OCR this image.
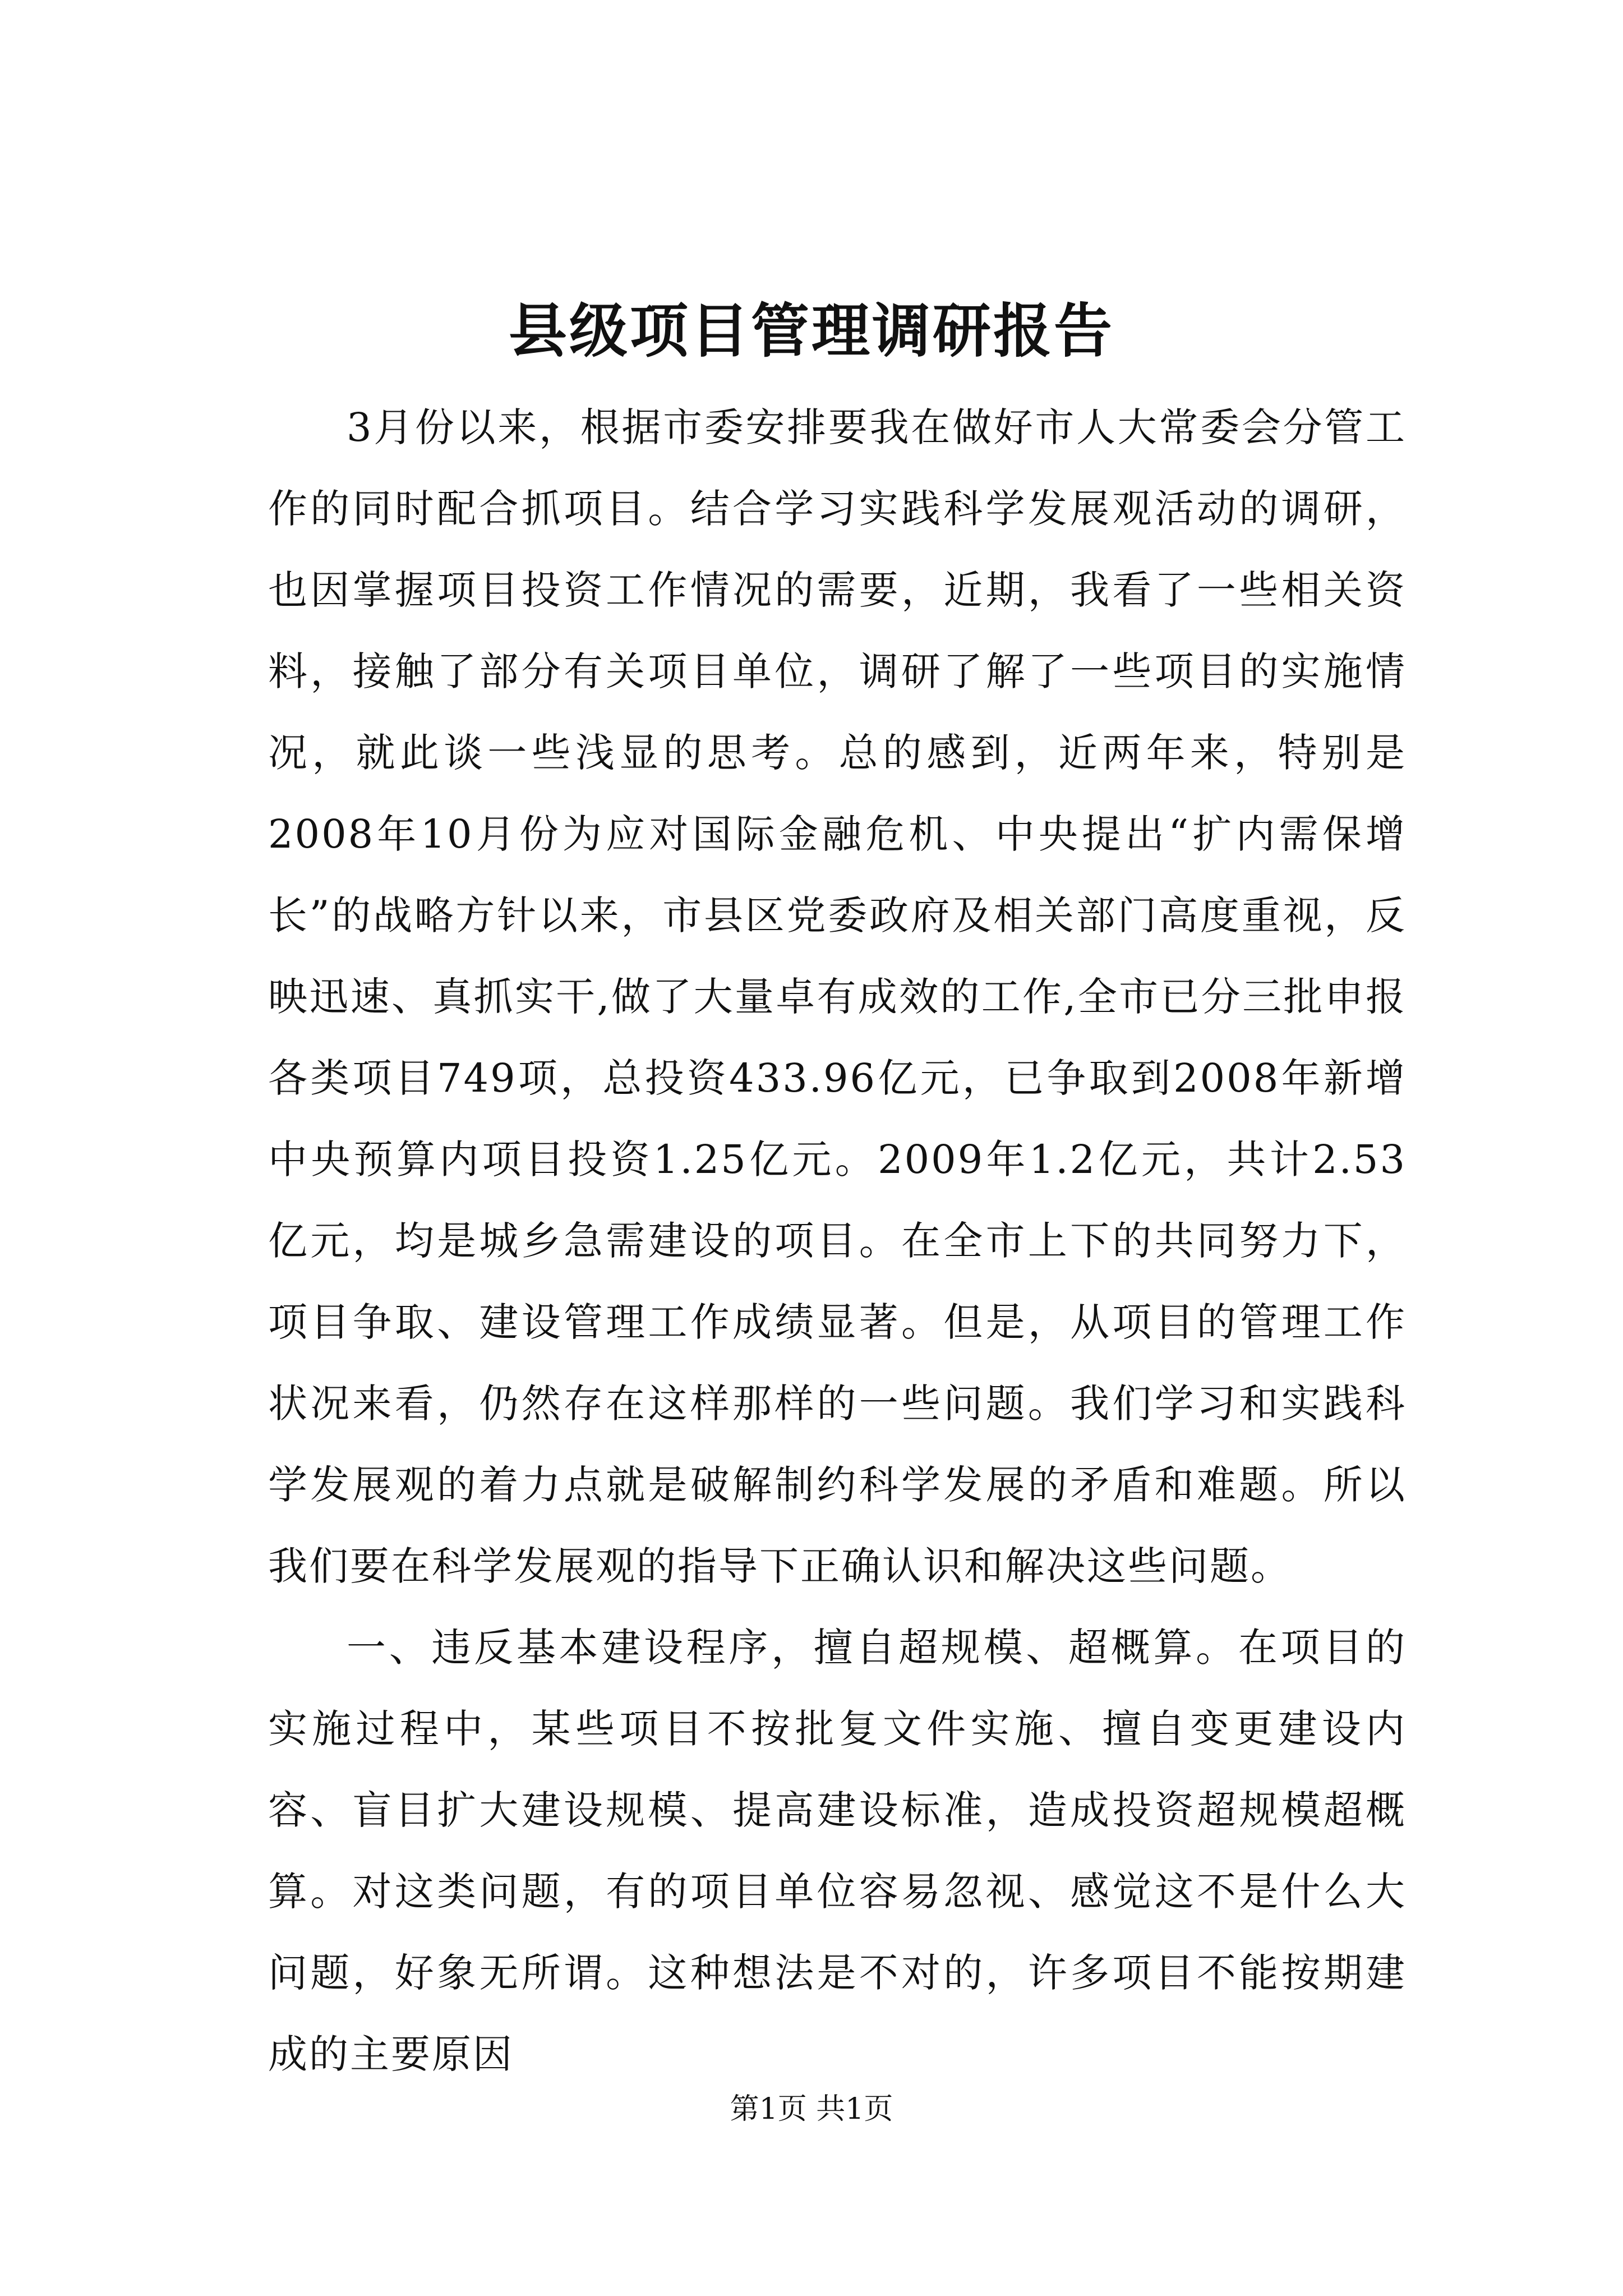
县级项目管理调研报告

3月份以来，根据市委安排要我在做好市人大常委会分管工作的同时配合抓项目。结合学习实践科学发展观活动的调研，也因掌握项目投资工作情况的需要，近期，我看了一些相关资料，接触了部分有关项目单位，调研了解了一些项目的实施情况，就此谈一些浅显的思考。总的感到，近两年来，特别是2008年10月份为应对国际金融危机、中央提出“扩内需保增长”的战略方针以来，市县区党委政府及相关部门高度重视，反映迅速、真抓实干,做了大量卓有成效的工作,全市已分三批申报各类项目749项，总投资433.96亿元，已争取到2008年新增中央预算内项目投资1.25亿元。2009年1.2亿元，共计2.53亿元，均是城乡急需建设的项目。在全市上下的共同努力下，项目争取、建设管理工作成绩显著。但是，从项目的管理工作状况来看，仍然存在这样那样的一些问题。我们学习和实践科学发展观的着力点就是破解制约科学发展的矛盾和难题。所以我们要在科学发展观的指导下正确认识和解决这些问题。

一、违反基本建设程序，擅自超规模、超概算。在项目的实施过程中，某些项目不按批复文件实施、擅自变更建设内容、盲目扩大建设规模、提高建设标准，造成投资超规模超概算。对这类问题，有的项目单位容易忽视、感觉这不是什么大问题，好象无所谓。这种想法是不对的，许多项目不能按期建成的主要原因

第1页 共1页
